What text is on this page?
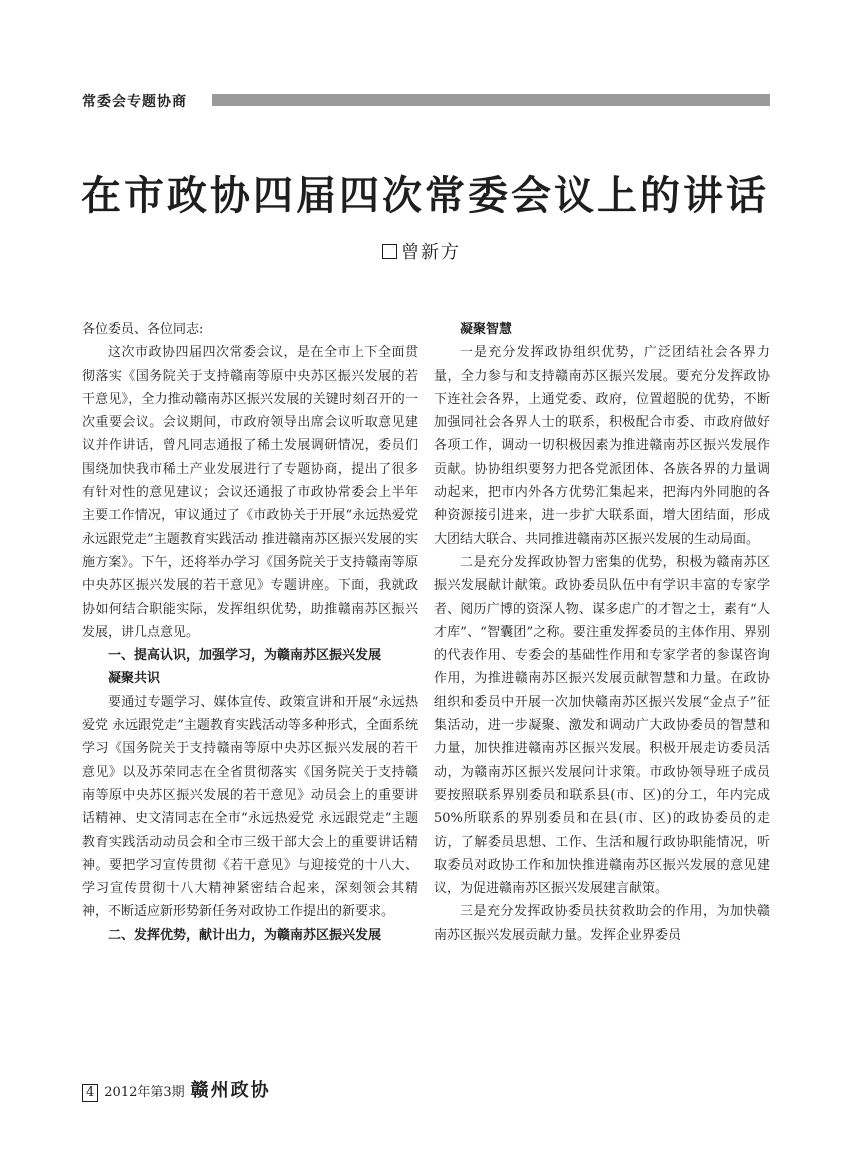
常委会专题协商
在市政协四届四次常委会议上的讲话
曾新方

各位委员、各位同志:

这次市政协四届四次常委会议，是在全市上下全面贯彻落实《国务院关于支持赣南等原中央苏区振兴发展的若干意见》，全力推动赣南苏区振兴发展的关键时刻召开的一次重要会议。会议期间，市政府领导出席会议听取意见建议并作讲话，曾凡同志通报了稀土发展调研情况，委员们围绕加快我市稀土产业发展进行了专题协商，提出了很多有针对性的意见建议；会议还通报了市政协常委会上半年主要工作情况，审议通过了《市政协关于开展“永远热爱党 永远跟党走”主题教育实践活动 推进赣南苏区振兴发展的实施方案》。下午，还将举办学习《国务院关于支持赣南等原中央苏区振兴发展的若干意见》专题讲座。下面，我就政协如何结合职能实际，发挥组织优势，助推赣南苏区振兴发展，讲几点意见。

一、提高认识，加强学习，为赣南苏区振兴发展

凝聚共识

要通过专题学习、媒体宣传、政策宣讲和开展“永远热爱党 永远跟党走”主题教育实践活动等多种形式，全面系统学习《国务院关于支持赣南等原中央苏区振兴发展的若干意见》以及苏荣同志在全省贯彻落实《国务院关于支持赣南等原中央苏区振兴发展的若干意见》动员会上的重要讲话精神、史文清同志在全市“永远热爱党 永远跟党走”主题教育实践活动动员会和全市三级干部大会上的重要讲话精神。要把学习宣传贯彻《若干意见》与迎接党的十八大、学习宣传贯彻十八大精神紧密结合起来，深刻领会其精神，不断适应新形势新任务对政协工作提出的新要求。

二、发挥优势，献计出力，为赣南苏区振兴发展

凝聚智慧

一是充分发挥政协组织优势，广泛团结社会各界力量，全力参与和支持赣南苏区振兴发展。要充分发挥政协下连社会各界，上通党委、政府，位置超脱的优势，不断加强同社会各界人士的联系，积极配合市委、市政府做好各项工作，调动一切积极因素为推进赣南苏区振兴发展作贡献。协协组织要努力把各党派团体、各族各界的力量调动起来，把市内外各方优势汇集起来，把海内外同胞的各种资源接引进来，进一步扩大联系面，增大团结面，形成大团结大联合、共同推进赣南苏区振兴发展的生动局面。

二是充分发挥政协智力密集的优势，积极为赣南苏区振兴发展献计献策。政协委员队伍中有学识丰富的专家学者、阅历广博的资深人物、谋多虑广的才智之士，素有“人才库”、“智囊团”之称。要注重发挥委员的主体作用、界别的代表作用、专委会的基础性作用和专家学者的参谋咨询作用，为推进赣南苏区振兴发展贡献智慧和力量。在政协组织和委员中开展一次加快赣南苏区振兴发展“金点子”征集活动，进一步凝聚、激发和调动广大政协委员的智慧和力量，加快推进赣南苏区振兴发展。积极开展走访委员活动，为赣南苏区振兴发展问计求策。市政协领导班子成员要按照联系界别委员和联系县(市、区)的分工，年内完成50%所联系的界别委员和在县(市、区)的政协委员的走访，了解委员思想、工作、生活和履行政协职能情况，听取委员对政协工作和加快推进赣南苏区振兴发展的意见建议，为促进赣南苏区振兴发展建言献策。

三是充分发挥政协委员扶贫救助会的作用，为加快赣南苏区振兴发展贡献力量。发挥企业界委员

4 2012年第3期 赣州政协
